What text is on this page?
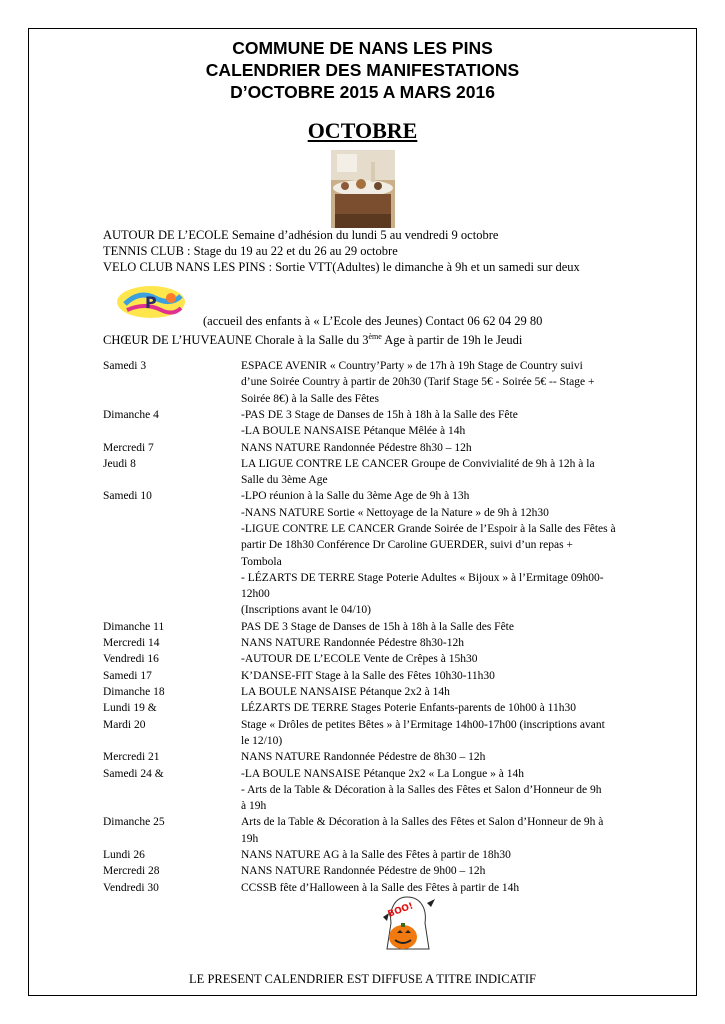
COMMUNE DE NANS LES PINS
CALENDRIER DES MANIFESTATIONS
D’OCTOBRE 2015 A MARS 2016
OCTOBRE
AUTOUR DE L’ECOLE Semaine d’adhésion du lundi 5 au vendredi 9 octobre
TENNIS CLUB : Stage du 19 au 22 et du 26 au 29 octobre
VELO CLUB NANS LES PINS : Sortie VTT(Adultes) le dimanche à 9h et un samedi sur deux
P
(accueil des enfants à « L’Ecole des Jeunes) Contact 06 62 04 29 80
CHŒUR DE L’HUVEAUNE Chorale à la Salle du 3ème Age à partir de 19h le Jeudi
Samedi 3	ESPACE AVENIR « Country’Party » de 17h à 19h Stage de Country suivi
d’une Soirée Country à partir de 20h30 (Tarif Stage 5€ - Soirée 5€ -- Stage +
Soirée 8€) à la Salle des Fêtes
Dimanche 4	-PAS DE 3 Stage de Danses de 15h à 18h à la Salle des Fête
-LA BOULE NANSAISE Pétanque Mêlée à 14h
Mercredi 7	NANS NATURE Randonnée Pédestre 8h30 – 12h
Jeudi 8	LA LIGUE CONTRE LE CANCER Groupe de Convivialité de 9h à 12h à la
Salle du 3ème Age
Samedi 10	-LPO réunion à la Salle du 3ème Age de 9h à 13h
-NANS NATURE Sortie « Nettoyage de la Nature » de 9h à 12h30
-LIGUE CONTRE LE CANCER Grande Soirée de l’Espoir à la Salle des Fêtes à
partir De 18h30 Conférence Dr Caroline GUERDER, suivi d’un repas +
Tombola
- LÉZARTS DE TERRE Stage Poterie Adultes « Bijoux » à l’Ermitage 09h00-
12h00
(Inscriptions avant le 04/10)
Dimanche 11	PAS DE 3 Stage de Danses de 15h à 18h à la Salle des Fête
Mercredi 14	NANS NATURE Randonnée Pédestre 8h30-12h
Vendredi 16	-AUTOUR DE L’ECOLE Vente de Crêpes à 15h30
Samedi 17	K’DANSE-FIT Stage à la Salle des Fêtes 10h30-11h30
Dimanche 18	LA BOULE NANSAISE Pétanque 2x2 à 14h
Lundi 19 &	LÉZARTS DE TERRE Stages Poterie Enfants-parents de 10h00 à 11h30
Mardi 20	Stage « Drôles de petites Bêtes » à l’Ermitage 14h00-17h00 (inscriptions avant
le 12/10)
Mercredi 21	NANS NATURE Randonnée Pédestre de 8h30 – 12h
Samedi 24 &	-LA BOULE NANSAISE Pétanque 2x2 « La Longue » à 14h
- Arts de la Table & Décoration à la Salles des Fêtes et Salon d’Honneur de 9h
à 19h
Dimanche 25	Arts de la Table & Décoration à la Salles des Fêtes et Salon d’Honneur de 9h à
19h
Lundi 26	NANS NATURE AG à la Salle des Fêtes à partir de 18h30
Mercredi 28	NANS NATURE Randonnée Pédestre de 9h00 – 12h
Vendredi 30	CCSSB fête d’Halloween à la Salle des Fêtes à partir de 14h
BOO!
LE PRESENT CALENDRIER EST DIFFUSE A TITRE INDICATIF
